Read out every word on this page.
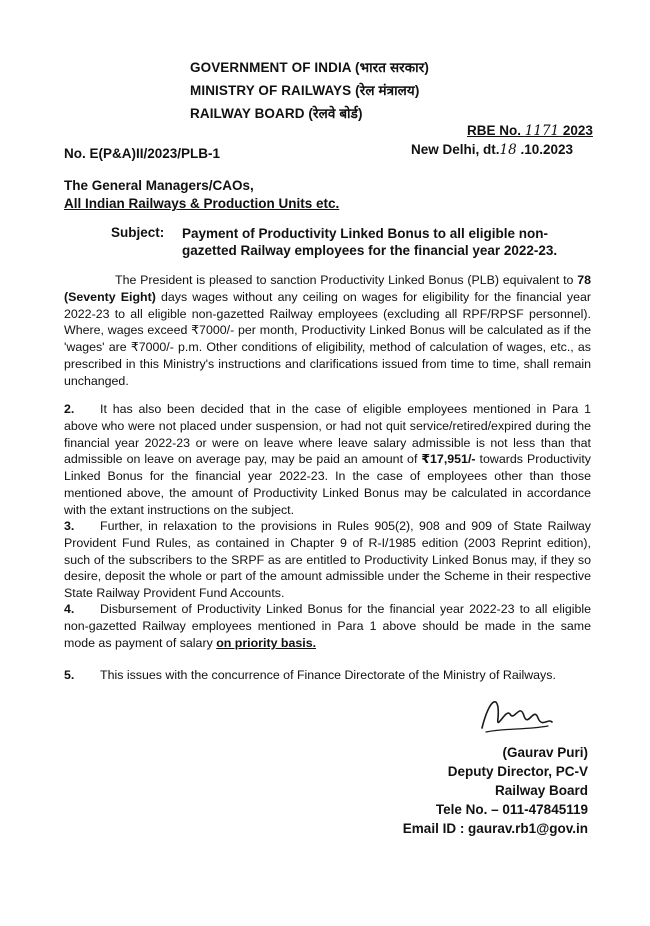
GOVERNMENT OF INDIA (भारत सरकार)
MINISTRY OF RAILWAYS (रेल मंत्रालय)
RAILWAY BOARD (रेलवे बोर्ड)
RBE No. 1171 2023
No. E(P&A)II/2023/PLB-1	New Delhi, dt.18 .10.2023
The General Managers/CAOs,
All Indian Railways & Production Units etc.
Subject: Payment of Productivity Linked Bonus to all eligible non-gazetted Railway employees for the financial year 2022-23.
The President is pleased to sanction Productivity Linked Bonus (PLB) equivalent to 78 (Seventy Eight) days wages without any ceiling on wages for eligibility for the financial year 2022-23 to all eligible non-gazetted Railway employees (excluding all RPF/RPSF personnel). Where, wages exceed ₹7000/- per month, Productivity Linked Bonus will be calculated as if the 'wages' are ₹7000/- p.m. Other conditions of eligibility, method of calculation of wages, etc., as prescribed in this Ministry's instructions and clarifications issued from time to time, shall remain unchanged.
2. It has also been decided that in the case of eligible employees mentioned in Para 1 above who were not placed under suspension, or had not quit service/retired/expired during the financial year 2022-23 or were on leave where leave salary admissible is not less than that admissible on leave on average pay, may be paid an amount of ₹17,951/- towards Productivity Linked Bonus for the financial year 2022-23. In the case of employees other than those mentioned above, the amount of Productivity Linked Bonus may be calculated in accordance with the extant instructions on the subject.
3. Further, in relaxation to the provisions in Rules 905(2), 908 and 909 of State Railway Provident Fund Rules, as contained in Chapter 9 of R-I/1985 edition (2003 Reprint edition), such of the subscribers to the SRPF as are entitled to Productivity Linked Bonus may, if they so desire, deposit the whole or part of the amount admissible under the Scheme in their respective State Railway Provident Fund Accounts.
4. Disbursement of Productivity Linked Bonus for the financial year 2022-23 to all eligible non-gazetted Railway employees mentioned in Para 1 above should be made in the same mode as payment of salary on priority basis.
5. This issues with the concurrence of Finance Directorate of the Ministry of Railways.
(Gaurav Puri)
Deputy Director, PC-V
Railway Board
Tele No. – 011-47845119
Email ID : gaurav.rb1@gov.in
